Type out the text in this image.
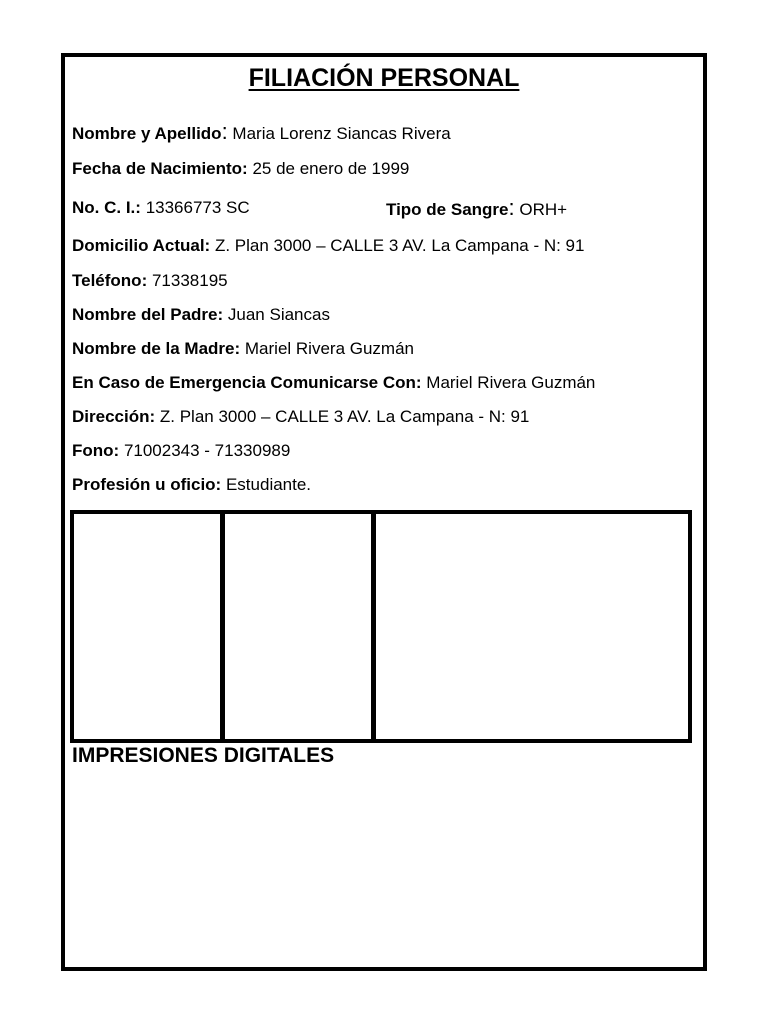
FILIACIÓN PERSONAL
Nombre y Apellido: Maria Lorenz Siancas Rivera
Fecha de Nacimiento: 25 de enero de 1999
No. C. I.: 13366773 SC	Tipo de Sangre: ORH+
Domicilio Actual: Z. Plan 3000 – CALLE 3 AV. La Campana - N: 91
Teléfono: 71338195
Nombre del Padre: Juan Siancas
Nombre de la Madre: Mariel Rivera Guzmán
En Caso de Emergencia Comunicarse Con: Mariel Rivera Guzmán
Dirección: Z. Plan 3000 – CALLE 3 AV. La Campana - N: 91
Fono: 71002343 - 71330989
Profesión u oficio: Estudiante.
IMPRESIONES DIGITALES
